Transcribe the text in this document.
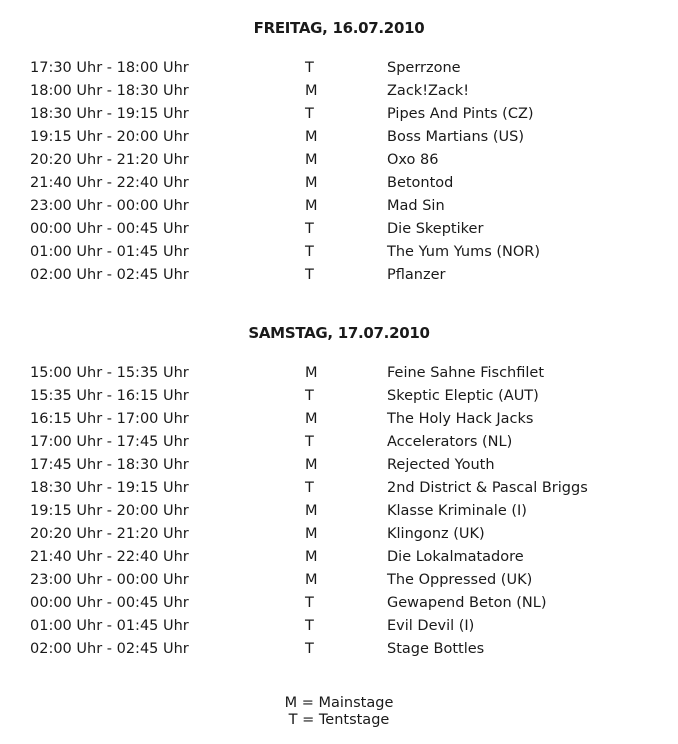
FREITAG, 16.07.2010
17:30 Uhr - 18:00 Uhr	T	Sperrzone
18:00 Uhr - 18:30 Uhr	M	Zack!Zack!
18:30 Uhr - 19:15 Uhr	T	Pipes And Pints (CZ)
19:15 Uhr - 20:00 Uhr	M	Boss Martians (US)
20:20 Uhr - 21:20 Uhr	M	Oxo 86
21:40 Uhr - 22:40 Uhr	M	Betontod
23:00 Uhr - 00:00 Uhr	M	Mad Sin
00:00 Uhr - 00:45 Uhr	T	Die Skeptiker
01:00 Uhr - 01:45 Uhr	T	The Yum Yums (NOR)
02:00 Uhr - 02:45 Uhr	T	Pflanzer
SAMSTAG, 17.07.2010
15:00 Uhr - 15:35 Uhr	M	Feine Sahne Fischfilet
15:35 Uhr - 16:15 Uhr	T	Skeptic Eleptic (AUT)
16:15 Uhr - 17:00 Uhr	M	The Holy Hack Jacks
17:00 Uhr - 17:45 Uhr	T	Accelerators (NL)
17:45 Uhr - 18:30 Uhr	M	Rejected Youth
18:30 Uhr - 19:15 Uhr	T	2nd District & Pascal Briggs
19:15 Uhr - 20:00 Uhr	M	Klasse Kriminale (I)
20:20 Uhr - 21:20 Uhr	M	Klingonz (UK)
21:40 Uhr - 22:40 Uhr	M	Die Lokalmatadore
23:00 Uhr - 00:00 Uhr	M	The Oppressed (UK)
00:00 Uhr - 00:45 Uhr	T	Gewapend Beton (NL)
01:00 Uhr - 01:45 Uhr	T	Evil Devil (I)
02:00 Uhr - 02:45 Uhr	T	Stage Bottles
M = Mainstage
T = Tentstage
